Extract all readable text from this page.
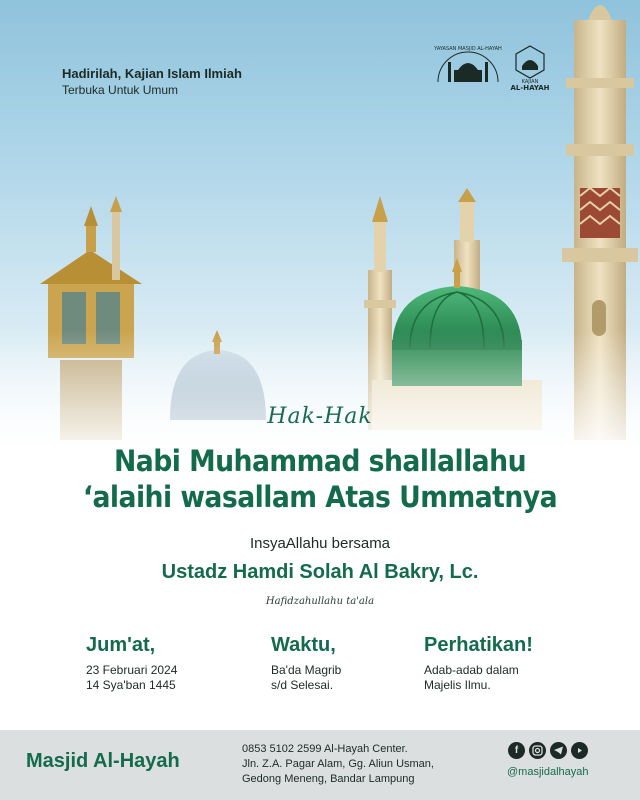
Hadirilah, Kajian Islam Ilmiah
Terbuka Untuk Umum
YAYASAN MASJID AL-HAYAH
KAJIAN
AL-HAYAH
Hak-Hak
Nabi Muhammad shallallahu
‘alaihi wasallam Atas Ummatnya
InsyaAllahu bersama
Ustadz Hamdi Solah Al Bakry, Lc.
Hafidzahullahu ta'ala
Jum'at,
23 Februari 2024
14 Sya'ban 1445
Waktu,
Ba'da Magrib
s/d Selesai.
Perhatikan!
Adab-adab dalam
Majelis Ilmu.
Masjid Al-Hayah
0853 5102 2599 Al-Hayah Center.
Jln. Z.A. Pagar Alam, Gg. Aliun Usman,
Gedong Meneng, Bandar Lampung
f
@masjidalhayah
